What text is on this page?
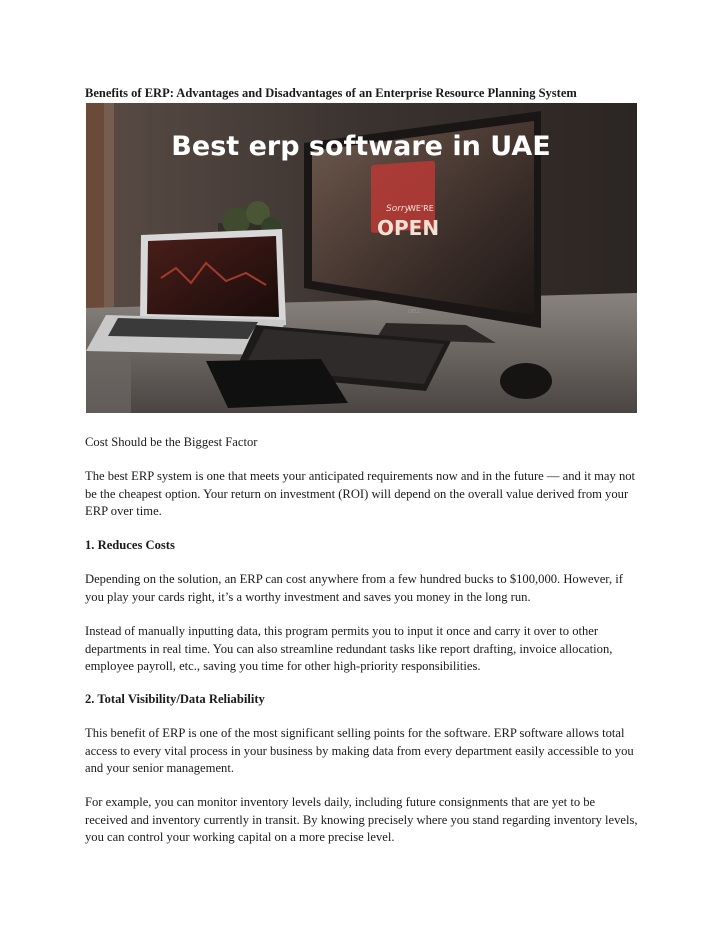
Benefits of ERP: Advantages and Disadvantages of an Enterprise Resource Planning System
Sorry
WE'RE
OPEN
DELL
Best erp software in UAE

Cost Should be the Biggest Factor

The best ERP system is one that meets your anticipated requirements now and in the future — and it may not be the cheapest option. Your return on investment (ROI) will depend on the overall value derived from your ERP over time.

1. Reduces Costs

Depending on the solution, an ERP can cost anywhere from a few hundred bucks to $100,000. However, if you play your cards right, it’s a worthy investment and saves you money in the long run.

Instead of manually inputting data, this program permits you to input it once and carry it over to other departments in real time. You can also streamline redundant tasks like report drafting, invoice allocation, employee payroll, etc., saving you time for other high-priority responsibilities.

2. Total Visibility/Data Reliability

This benefit of ERP is one of the most significant selling points for the software. ERP software allows total access to every vital process in your business by making data from every department easily accessible to you and your senior management.

For example, you can monitor inventory levels daily, including future consignments that are yet to be received and inventory currently in transit. By knowing precisely where you stand regarding inventory levels, you can control your working capital on a more precise level.
